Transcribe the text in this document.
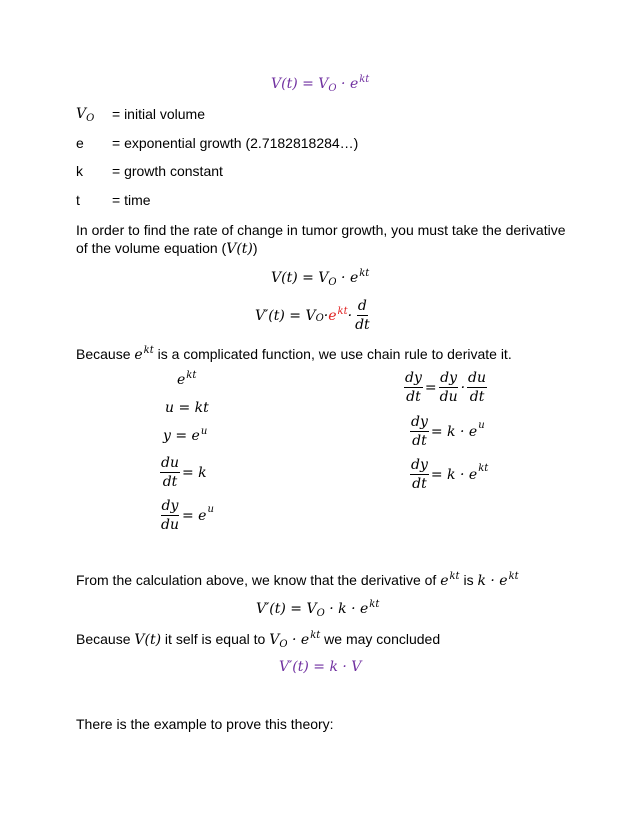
$V(t) = V_O \cdot e^{kt}$
$V_O$ = initial volume
e = exponential growth (2.7182818284…)
k = growth constant
t = time
In order to find the rate of change in tumor growth, you must take the derivative
of the volume equation (V(t))
$V(t) = V_O \cdot e^{kt}$
V′(t) = V $O \cdot e^{kt} \cdot \frac{d}{dt}$
Because $e^{kt}$ is a complicated function, we use chain rule to derivate it.
$e^{kt}$
u = kt
$y = e^u$
$\frac{du}{dt} = k$
$\frac{dy}{du} = e$ u
$\frac{dy}{dt} = \frac{dy}{du} \cdot \frac{du}{dt}$
$\frac{dy}{dt} = k \cdot e$ u
$\frac{dy}{dt} = k \cdot e$ kt
From the calculation above, we know that the derivative of $e^{kt}$ is $k \cdot e^{kt}$
$V'(t) = V_O \cdot k \cdot e^{kt}$
Because V(t) it self is equal to $V_O \cdot e^{kt}$ we may concluded
V′(t) = k · V
There is the example to prove this theory:
